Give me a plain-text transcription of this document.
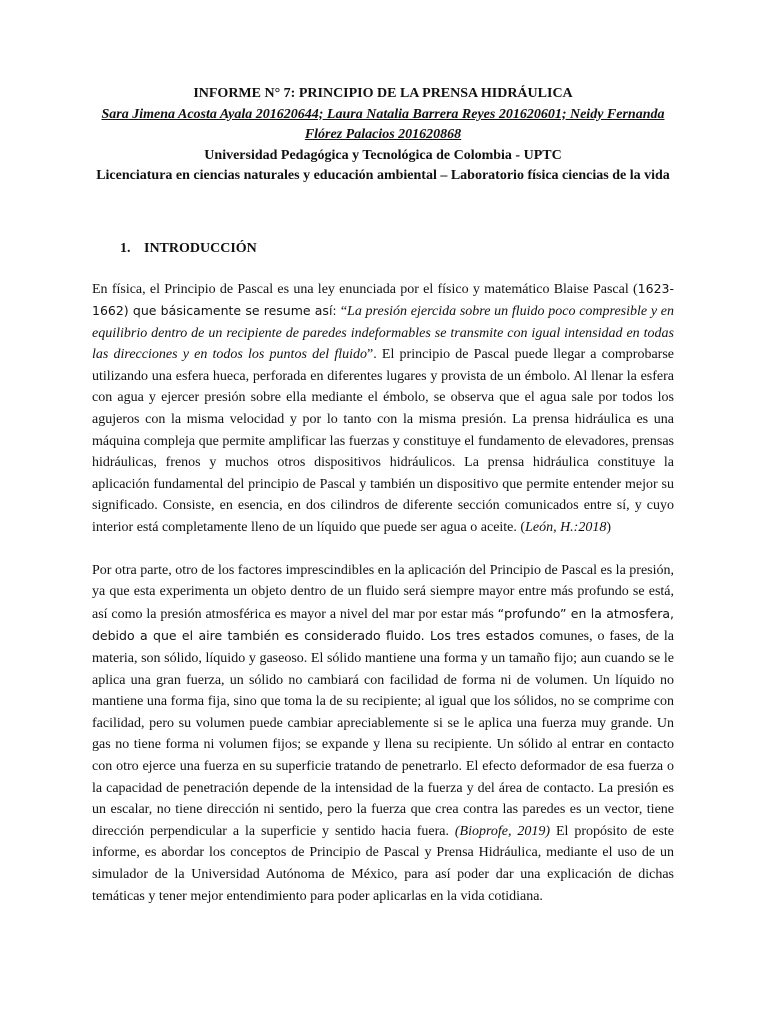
INFORME N° 7: PRINCIPIO DE LA PRENSA HIDRÁULICA

Sara Jimena Acosta Ayala 201620644; Laura Natalia Barrera Reyes 201620601; Neidy Fernanda Flórez Palacios 201620868

Universidad Pedagógica y Tecnológica de Colombia - UPTC

Licenciatura en ciencias naturales y educación ambiental – Laboratorio física ciencias de la vida

1. INTRODUCCIÓN

En física, el Principio de Pascal es una ley enunciada por el físico y matemático Blaise Pascal (1623-1662) que básicamente se resume así: “La presión ejercida sobre un fluido poco compresible y en equilibrio dentro de un recipiente de paredes indeformables se transmite con igual intensidad en todas las direcciones y en todos los puntos del fluido”. El principio de Pascal puede llegar a comprobarse utilizando una esfera hueca, perforada en diferentes lugares y provista de un émbolo. Al llenar la esfera con agua y ejercer presión sobre ella mediante el émbolo, se observa que el agua sale por todos los agujeros con la misma velocidad y por lo tanto con la misma presión. La prensa hidráulica es una máquina compleja que permite amplificar las fuerzas y constituye el fundamento de elevadores, prensas hidráulicas, frenos y muchos otros dispositivos hidráulicos. La prensa hidráulica constituye la aplicación fundamental del principio de Pascal y también un dispositivo que permite entender mejor su significado. Consiste, en esencia, en dos cilindros de diferente sección comunicados entre sí, y cuyo interior está completamente lleno de un líquido que puede ser agua o aceite. (León, H.:2018)

Por otra parte, otro de los factores imprescindibles en la aplicación del Principio de Pascal es la presión, ya que esta experimenta un objeto dentro de un fluido será siempre mayor entre más profundo se está, así como la presión atmosférica es mayor a nivel del mar por estar más “profundo” en la atmosfera, debido a que el aire también es considerado fluido. Los tres estados comunes, o fases, de la materia, son sólido, líquido y gaseoso. El sólido mantiene una forma y un tamaño fijo; aun cuando se le aplica una gran fuerza, un sólido no cambiará con facilidad de forma ni de volumen. Un líquido no mantiene una forma fija, sino que toma la de su recipiente; al igual que los sólidos, no se comprime con facilidad, pero su volumen puede cambiar apreciablemente si se le aplica una fuerza muy grande. Un gas no tiene forma ni volumen fijos; se expande y llena su recipiente. Un sólido al entrar en contacto con otro ejerce una fuerza en su superficie tratando de penetrarlo. El efecto deformador de esa fuerza o la capacidad de penetración depende de la intensidad de la fuerza y del área de contacto. La presión es un escalar, no tiene dirección ni sentido, pero la fuerza que crea contra las paredes es un vector, tiene dirección perpendicular a la superficie y sentido hacia fuera. (Bioprofe, 2019) El propósito de este informe, es abordar los conceptos de Principio de Pascal y Prensa Hidráulica, mediante el uso de un simulador de la Universidad Autónoma de México, para así poder dar una explicación de dichas temáticas y tener mejor entendimiento para poder aplicarlas en la vida cotidiana.
